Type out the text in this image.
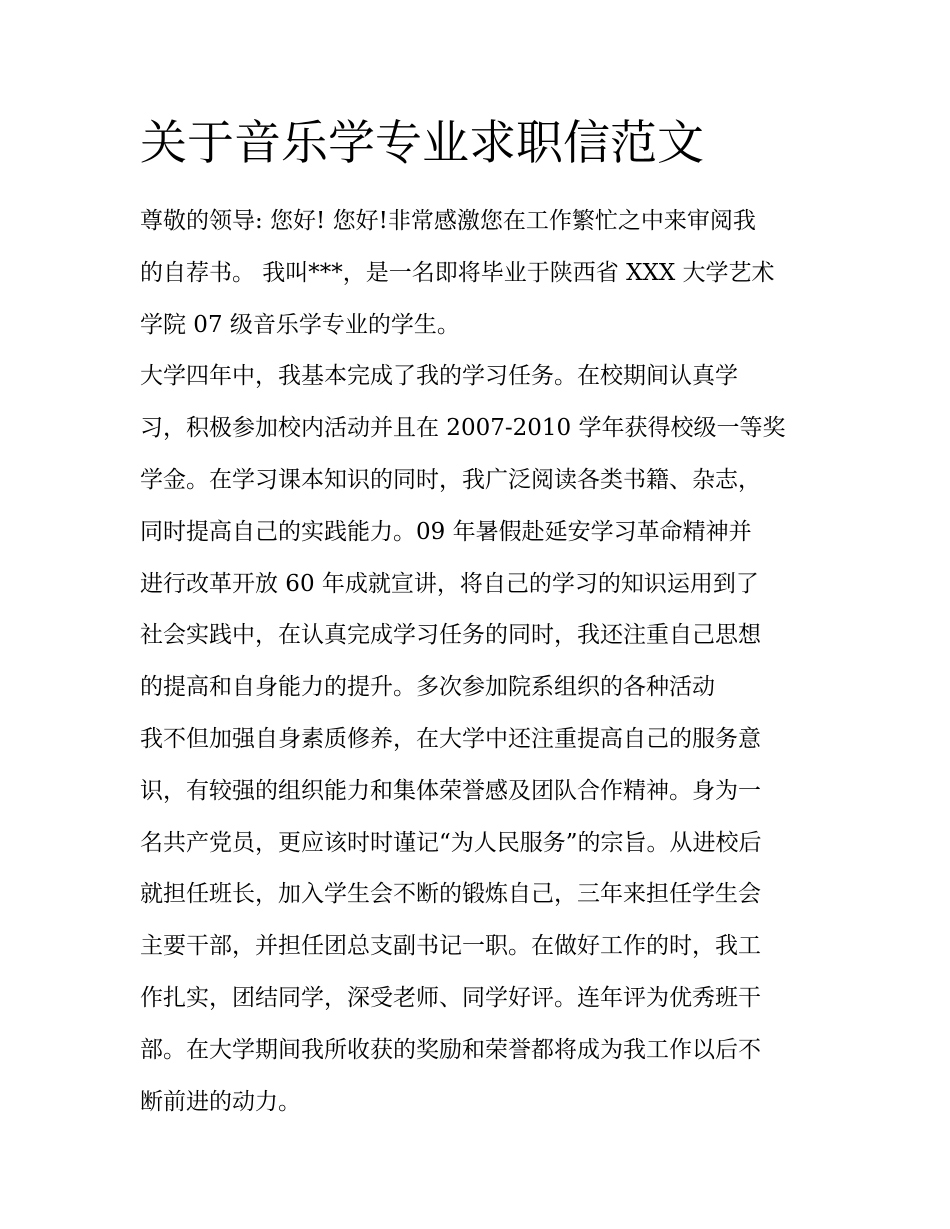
关于音乐学专业求职信范文
尊敬的领导: 您好! 您好!非常感激您在工作繁忙之中来审阅我
的自荐书。 我叫***，是一名即将毕业于陕西省 XXX 大学艺术
学院 07 级音乐学专业的学生。
大学四年中，我基本完成了我的学习任务。在校期间认真学
习，积极参加校内活动并且在 2007-2010 学年获得校级一等奖
学金。在学习课本知识的同时，我广泛阅读各类书籍、杂志，
同时提高自己的实践能力。09 年暑假赴延安学习革命精神并
进行改革开放 60 年成就宣讲，将自己的学习的知识运用到了
社会实践中，在认真完成学习任务的同时，我还注重自己思想
的提高和自身能力的提升。多次参加院系组织的各种活动
我不但加强自身素质修养，在大学中还注重提高自己的服务意
识，有较强的组织能力和集体荣誉感及团队合作精神。身为一
名共产党员，更应该时时谨记“为人民服务”的宗旨。从进校后
就担任班长，加入学生会不断的锻炼自己，三年来担任学生会
主要干部，并担任团总支副书记一职。在做好工作的时，我工
作扎实，团结同学，深受老师、同学好评。连年评为优秀班干
部。在大学期间我所收获的奖励和荣誉都将成为我工作以后不
断前进的动力。
